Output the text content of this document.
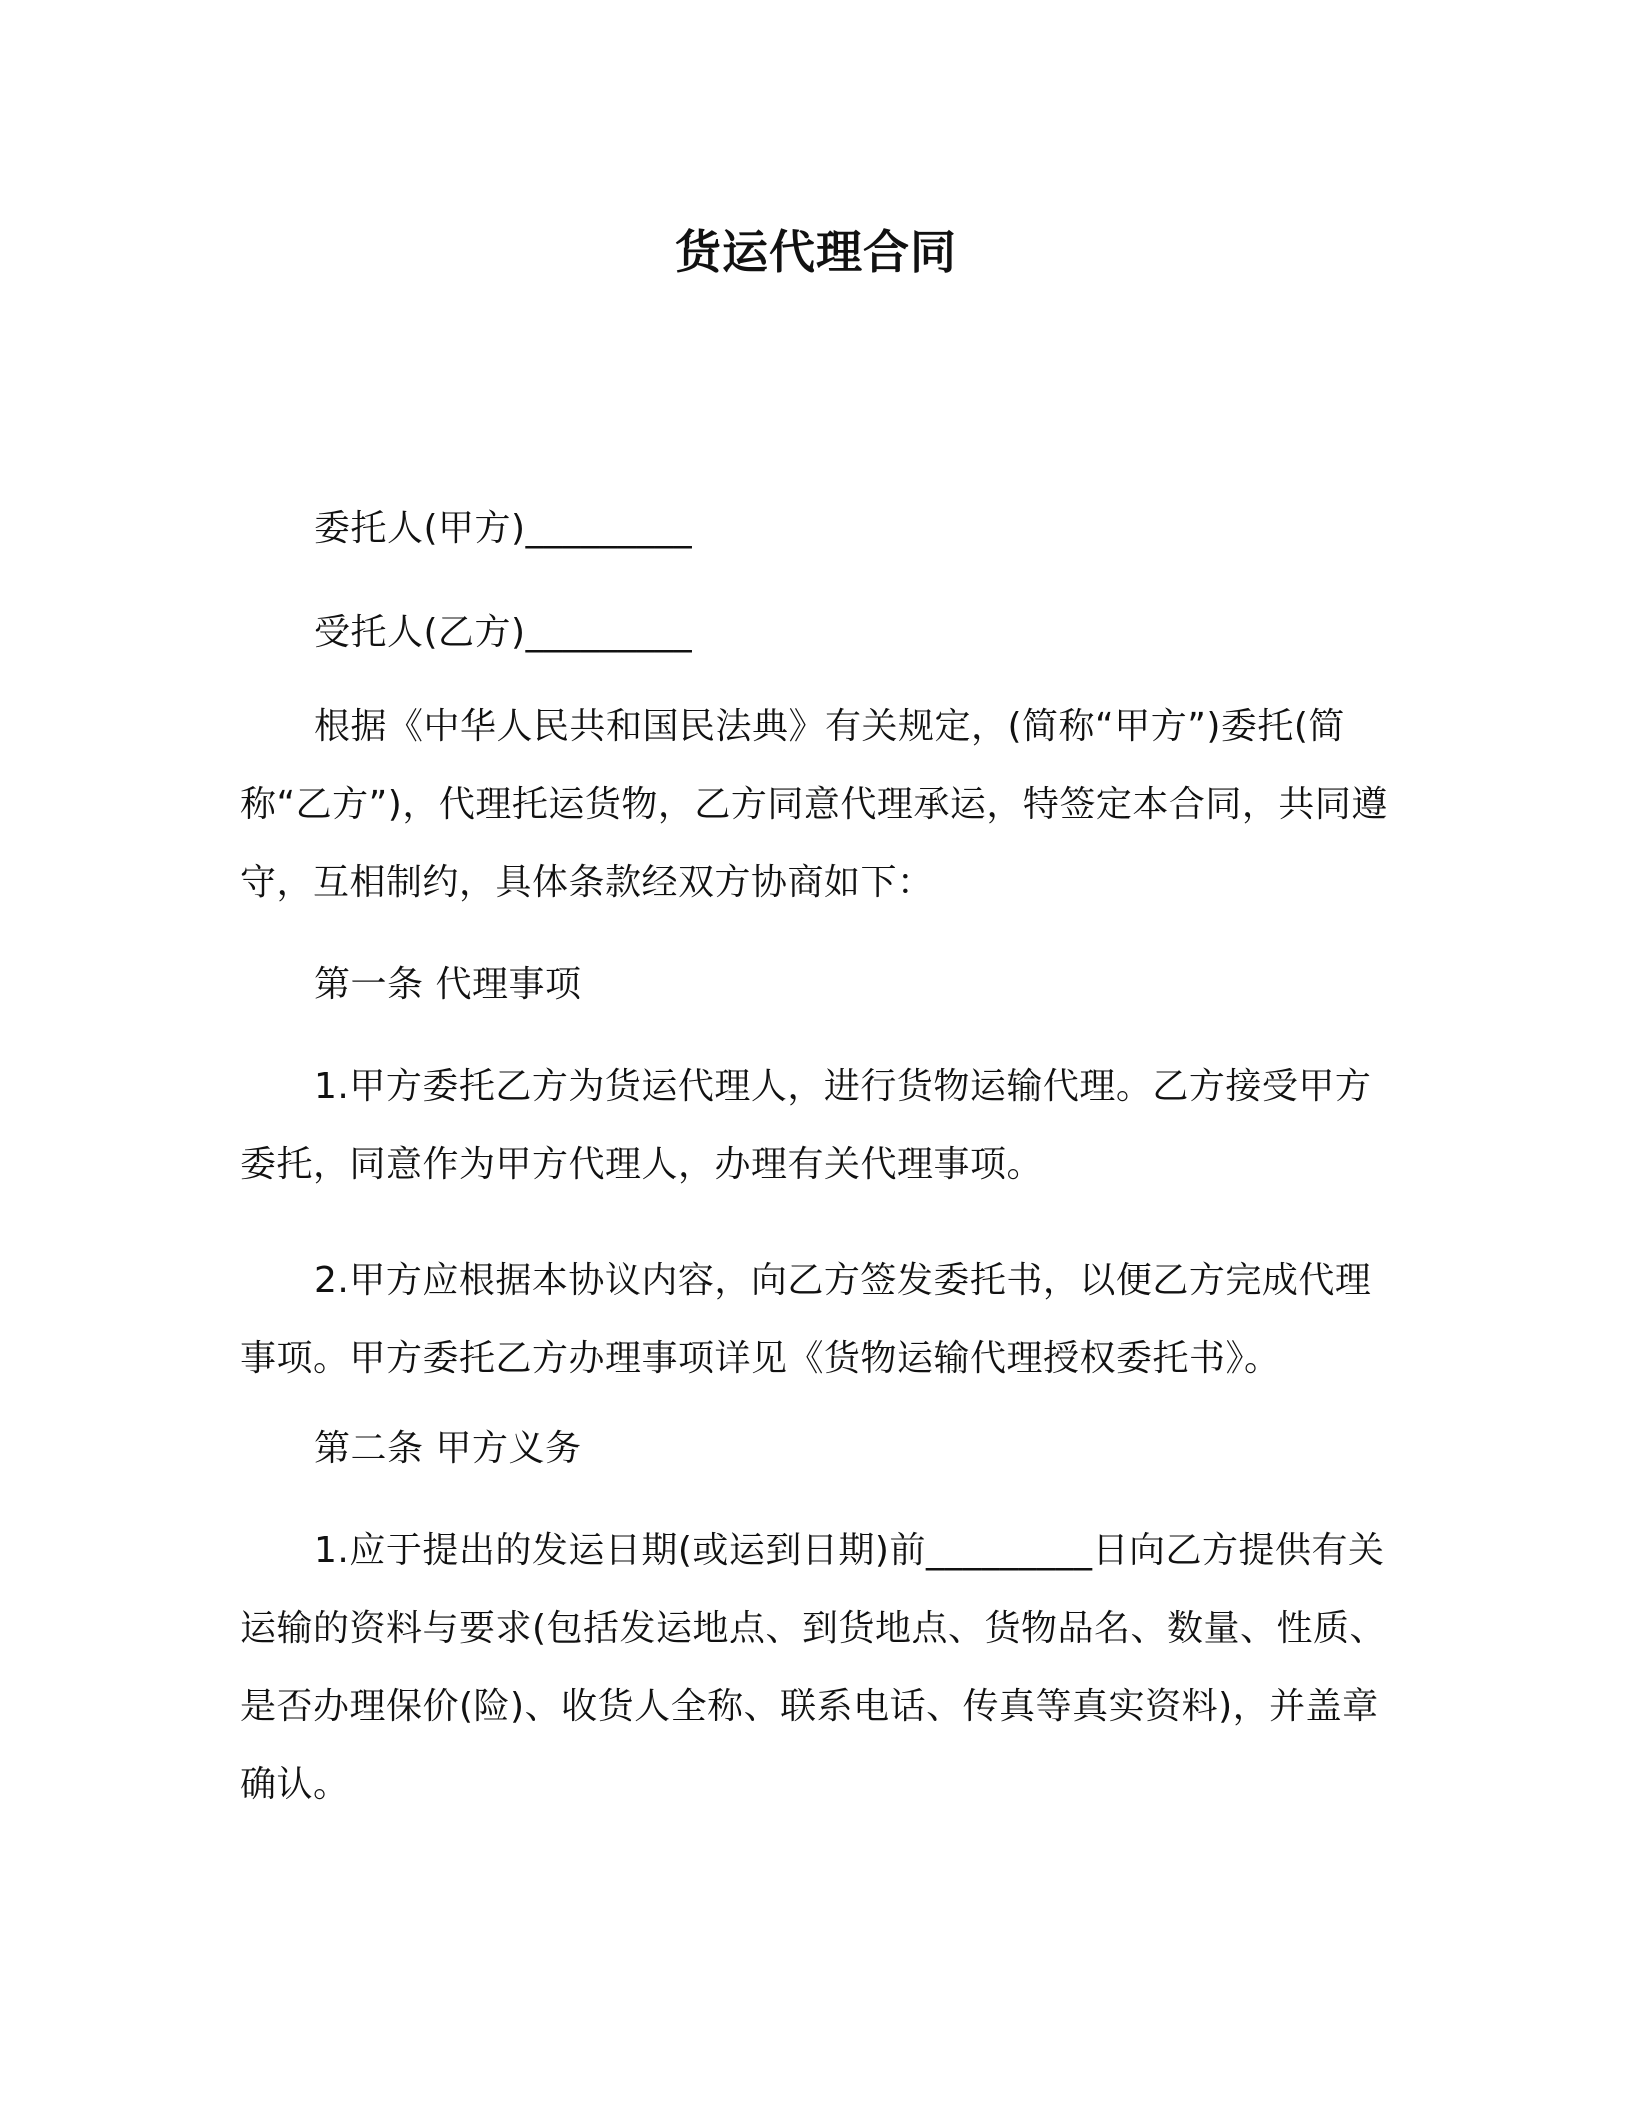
货运代理合同
委托人(甲方)_________
受托人(乙方)_________
根据《中华人民共和国民法典》有关规定，(简称“甲方”)委托(简称“乙方”)，代理托运货物，乙方同意代理承运，特签定本合同，共同遵守，互相制约，具体条款经双方协商如下：
第一条 代理事项
1.甲方委托乙方为货运代理人，进行货物运输代理。乙方接受甲方委托，同意作为甲方代理人，办理有关代理事项。
2.甲方应根据本协议内容，向乙方签发委托书，以便乙方完成代理事项。甲方委托乙方办理事项详见《货物运输代理授权委托书》。
第二条 甲方义务
1.应于提出的发运日期(或运到日期)前_________日向乙方提供有关运输的资料与要求(包括发运地点、到货地点、货物品名、数量、性质、是否办理保价(险)、收货人全称、联系电话、传真等真实资料)，并盖章确认。
